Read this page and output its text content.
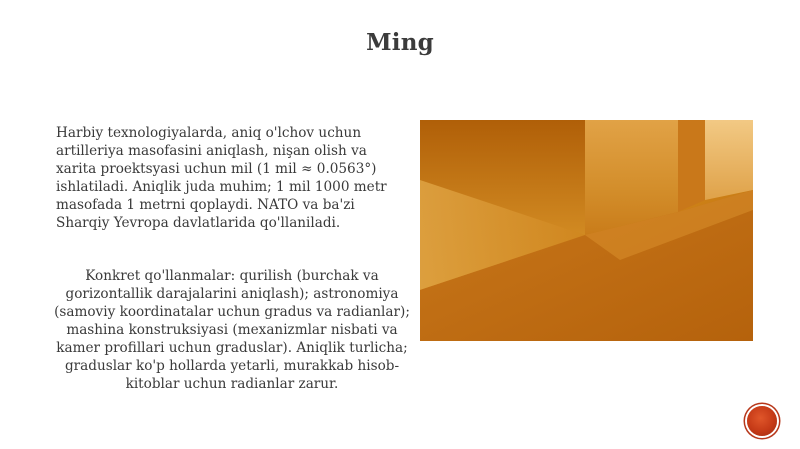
Ming
Harbiy texnologiyalarda, aniq o'lchov uchun artilleriya masofasini aniqlash, nişan olish va xarita proektsyasi uchun mil (1 mil ≈ 0.0563°) ishlatiladi. Aniqlik juda muhim; 1 mil 1000 metr masofada 1 metrni qoplaydi. NATO va ba'zi Sharqiy Yevropa davlatlarida qo'llaniladi.
Konkret qo'llanmalar: qurilish (burchak va gorizontallik darajalarini aniqlash); astronomiya (samoviy koordinatalar uchun gradus va radianlar); mashina konstruksiyasi (mexanizmlar nisbati va kamer profillari uchun graduslar). Aniqlik turlicha; graduslar ko'p hollarda yetarli, murakkab hisob-kitoblar uchun radianlar zarur.
